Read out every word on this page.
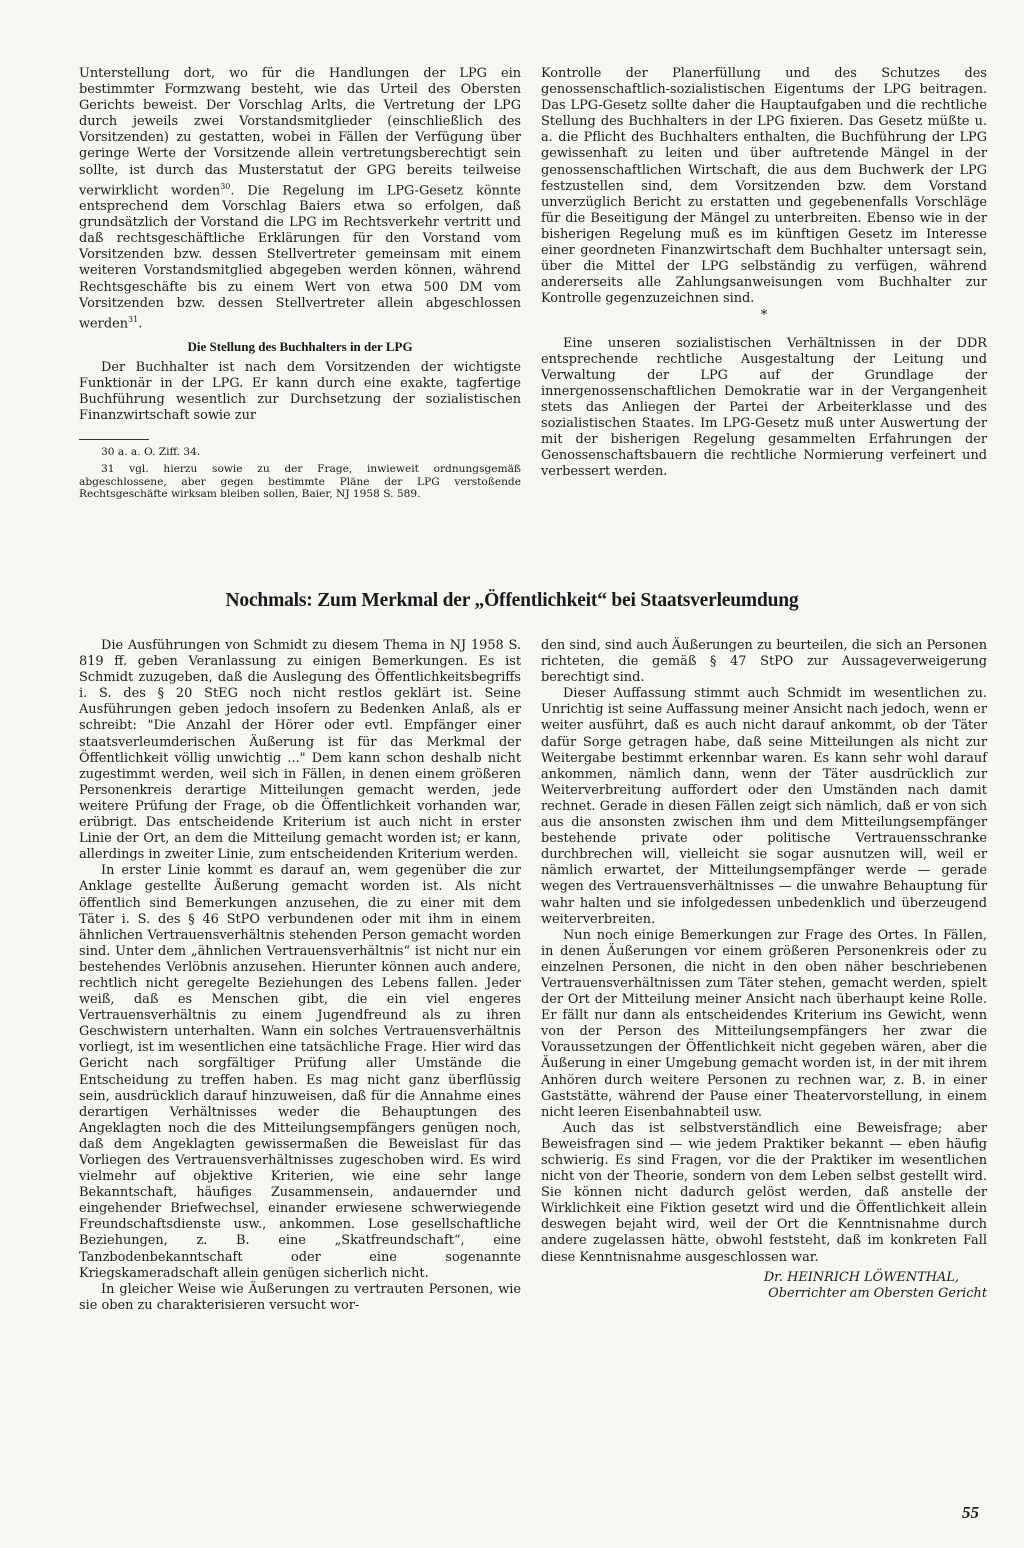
Unterstellung dort, wo für die Handlungen der LPG ein bestimmter Formzwang besteht, wie das Urteil des Obersten Gerichts beweist. Der Vorschlag Arlts, die Vertretung der LPG durch jeweils zwei Vorstandsmitglieder (einschließlich des Vorsitzenden) zu gestatten, wobei in Fällen der Verfügung über geringe Werte der Vorsitzende allein vertretungsberechtigt sein sollte, ist durch das Musterstatut der GPG bereits teilweise verwirklicht worden$^{30}$. Die Regelung im LPG-Gesetz könnte entsprechend dem Vorschlag Baiers etwa so erfolgen, daß grundsätzlich der Vorstand die LPG im Rechtsverkehr vertritt und daß rechtsgeschäftliche Erklärungen für den Vorstand vom Vorsitzenden bzw. dessen Stellvertreter gemeinsam mit einem weiteren Vorstandsmitglied abgegeben werden können, während Rechtsgeschäfte bis zu einem Wert von etwa 500 DM vom Vorsitzenden bzw. dessen Stellvertreter allein abgeschlossen werden$^{31}$.

Die Stellung des Buchhalters in der LPG

Der Buchhalter ist nach dem Vorsitzenden der wichtigste Funktionär in der LPG. Er kann durch eine exakte, tagfertige Buchführung wesentlich zur Durchsetzung der sozialistischen Finanzwirtschaft sowie zur

30 a. a. O. Ziff. 34.

31 vgl. hierzu sowie zu der Frage, inwieweit ordnungsgemäß abgeschlossene, aber gegen bestimmte Pläne der LPG verstoßende Rechtsgeschäfte wirksam bleiben sollen, Baier, NJ 1958 S. 589.

Kontrolle der Planerfüllung und des Schutzes des genossenschaftlich-sozialistischen Eigentums der LPG beitragen. Das LPG-Gesetz sollte daher die Hauptaufgaben und die rechtliche Stellung des Buchhalters in der LPG fixieren. Das Gesetz müßte u. a. die Pflicht des Buchhalters enthalten, die Buchführung der LPG gewissenhaft zu leiten und über auftretende Mängel in der genossenschaftlichen Wirtschaft, die aus dem Buchwerk der LPG festzustellen sind, dem Vorsitzenden bzw. dem Vorstand unverzüglich Bericht zu erstatten und gegebenenfalls Vorschläge für die Beseitigung der Mängel zu unterbreiten. Ebenso wie in der bisherigen Regelung muß es im künftigen Gesetz im Interesse einer geordneten Finanzwirtschaft dem Buchhalter untersagt sein, über die Mittel der LPG selbständig zu verfügen, während andererseits alle Zahlungsanweisungen vom Buchhalter zur Kontrolle gegenzuzeichnen sind.

*

Eine unseren sozialistischen Verhältnissen in der DDR entsprechende rechtliche Ausgestaltung der Leitung und Verwaltung der LPG auf der Grundlage der innergenossenschaftlichen Demokratie war in der Vergangenheit stets das Anliegen der Partei der Arbeiterklasse und des sozialistischen Staates. Im LPG-Gesetz muß unter Auswertung der mit der bisherigen Regelung gesammelten Erfahrungen der Genossenschaftsbauern die rechtliche Normierung verfeinert und verbessert werden.

Nochmals: Zum Merkmal der „Öffentlichkeit“ bei Staatsverleumdung

Die Ausführungen von Schmidt zu diesem Thema in NJ 1958 S. 819 ff. geben Veranlassung zu einigen Bemerkungen. Es ist Schmidt zuzugeben, daß die Auslegung des Öffentlichkeitsbegriffs i. S. des § 20 StEG noch nicht restlos geklärt ist. Seine Ausführungen geben jedoch insofern zu Bedenken Anlaß, als er schreibt: "Die Anzahl der Hörer oder evtl. Empfänger einer staatsverleumderischen Äußerung ist für das Merkmal der Öffentlichkeit völlig unwichtig ..." Dem kann schon deshalb nicht zugestimmt werden, weil sich in Fällen, in denen einem größeren Personenkreis derartige Mitteilungen gemacht werden, jede weitere Prüfung der Frage, ob die Öffentlichkeit vorhanden war, erübrigt. Das entscheidende Kriterium ist auch nicht in erster Linie der Ort, an dem die Mitteilung gemacht worden ist; er kann, allerdings in zweiter Linie, zum entscheidenden Kriterium werden.

In erster Linie kommt es darauf an, wem gegenüber die zur Anklage gestellte Äußerung gemacht worden ist. Als nicht öffentlich sind Bemerkungen anzusehen, die zu einer mit dem Täter i. S. des § 46 StPO verbundenen oder mit ihm in einem ähnlichen Vertrauensverhältnis stehenden Person gemacht worden sind. Unter dem „ähnlichen Vertrauensverhältnis“ ist nicht nur ein bestehendes Verlöbnis anzusehen. Hierunter können auch andere, rechtlich nicht geregelte Beziehungen des Lebens fallen. Jeder weiß, daß es Menschen gibt, die ein viel engeres Vertrauensverhältnis zu einem Jugendfreund als zu ihren Geschwistern unterhalten. Wann ein solches Vertrauensverhältnis vorliegt, ist im wesentlichen eine tatsächliche Frage. Hier wird das Gericht nach sorgfältiger Prüfung aller Umstände die Entscheidung zu treffen haben. Es mag nicht ganz überflüssig sein, ausdrücklich darauf hinzuweisen, daß für die Annahme eines derartigen Verhältnisses weder die Behauptungen des Angeklagten noch die des Mitteilungsempfängers genügen noch, daß dem Angeklagten gewissermaßen die Beweislast für das Vorliegen des Vertrauensverhältnisses zugeschoben wird. Es wird vielmehr auf objektive Kriterien, wie eine sehr lange Bekanntschaft, häufiges Zusammensein, andauernder und eingehender Briefwechsel, einander erwiesene schwerwiegende Freundschaftsdienste usw., ankommen. Lose gesellschaftliche Beziehungen, z. B. eine „Skatfreundschaft“, eine Tanzbodenbekanntschaft oder eine sogenannte Kriegskameradschaft allein genügen sicherlich nicht.

In gleicher Weise wie Äußerungen zu vertrauten Personen, wie sie oben zu charakterisieren versucht wor-

den sind, sind auch Äußerungen zu beurteilen, die sich an Personen richteten, die gemäß § 47 StPO zur Aussageverweigerung berechtigt sind.

Dieser Auffassung stimmt auch Schmidt im wesentlichen zu. Unrichtig ist seine Auffassung meiner Ansicht nach jedoch, wenn er weiter ausführt, daß es auch nicht darauf ankommt, ob der Täter dafür Sorge getragen habe, daß seine Mitteilungen als nicht zur Weitergabe bestimmt erkennbar waren. Es kann sehr wohl darauf ankommen, nämlich dann, wenn der Täter ausdrücklich zur Weiterverbreitung auffordert oder den Umständen nach damit rechnet. Gerade in diesen Fällen zeigt sich nämlich, daß er von sich aus die ansonsten zwischen ihm und dem Mitteilungsempfänger bestehende private oder politische Vertrauensschranke durchbrechen will, vielleicht sie sogar ausnutzen will, weil er nämlich erwartet, der Mitteilungsempfänger werde — gerade wegen des Vertrauensverhältnisses — die unwahre Behauptung für wahr halten und sie infolgedessen unbedenklich und überzeugend weiterverbreiten.

Nun noch einige Bemerkungen zur Frage des Ortes. In Fällen, in denen Äußerungen vor einem größeren Personenkreis oder zu einzelnen Personen, die nicht in den oben näher beschriebenen Vertrauensverhältnissen zum Täter stehen, gemacht werden, spielt der Ort der Mitteilung meiner Ansicht nach überhaupt keine Rolle. Er fällt nur dann als entscheidendes Kriterium ins Gewicht, wenn von der Person des Mitteilungsempfängers her zwar die Voraussetzungen der Öffentlichkeit nicht gegeben wären, aber die Äußerung in einer Umgebung gemacht worden ist, in der mit ihrem Anhören durch weitere Personen zu rechnen war, z. B. in einer Gaststätte, während der Pause einer Theatervorstellung, in einem nicht leeren Eisenbahnabteil usw.

Auch das ist selbstverständlich eine Beweisfrage; aber Beweisfragen sind — wie jedem Praktiker bekannt — eben häufig schwierig. Es sind Fragen, vor die der Praktiker im wesentlichen nicht von der Theorie, sondern von dem Leben selbst gestellt wird. Sie können nicht dadurch gelöst werden, daß anstelle der Wirklichkeit eine Fiktion gesetzt wird und die Öffentlichkeit allein deswegen bejaht wird, weil der Ort die Kenntnisnahme durch andere zugelassen hätte, obwohl feststeht, daß im konkreten Fall diese Kenntnisnahme ausgeschlossen war.

Dr. HEINRICH LÖWENTHAL,

Oberrichter am Obersten Gericht

55
